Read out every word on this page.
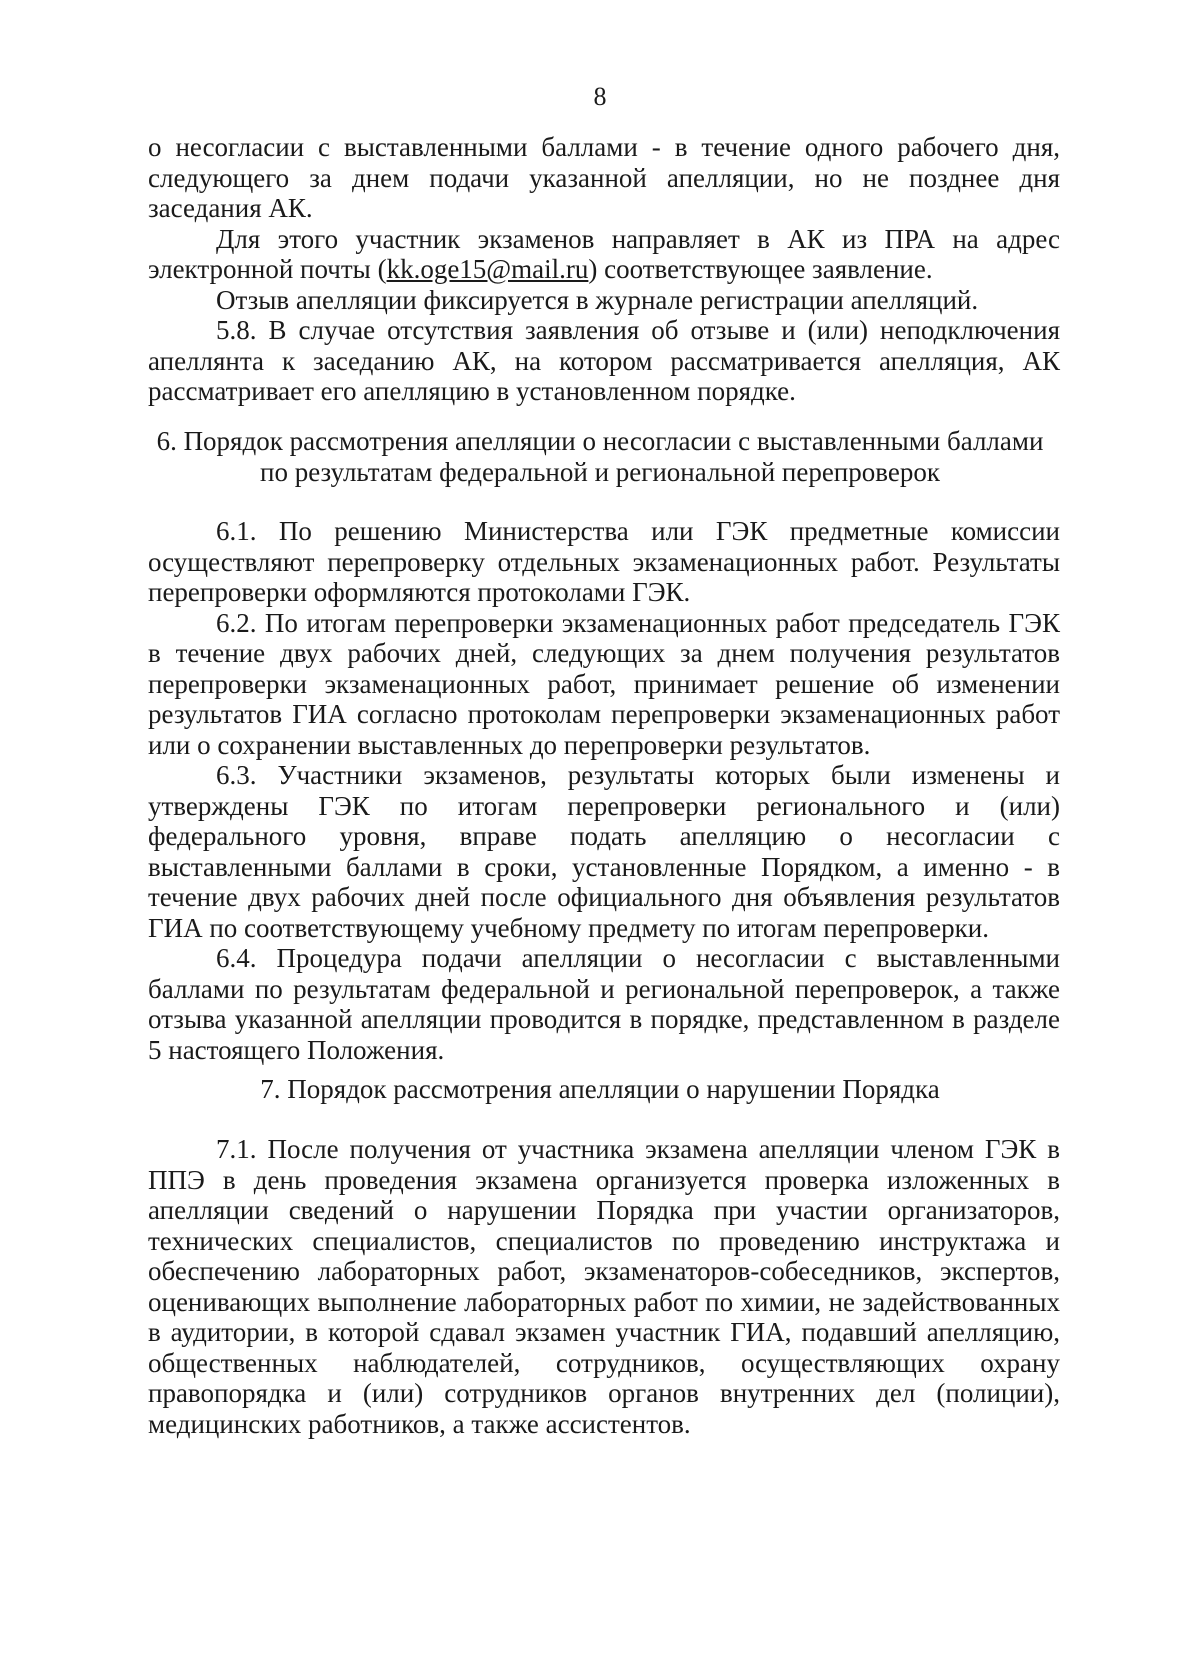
8

о несогласии с выставленными баллами - в течение одного рабочего дня, следующего за днем подачи указанной апелляции, но не позднее дня заседания АК.

Для этого участник экзаменов направляет в АК из ПРА на адрес электронной почты (kk.oge15@mail.ru) соответствующее заявление.

Отзыв апелляции фиксируется в журнале регистрации апелляций.

5.8. В случае отсутствия заявления об отзыве и (или) неподключения апеллянта к заседанию АК, на котором рассматривается апелляция, АК рассматривает его апелляцию в установленном порядке.

6. Порядок рассмотрения апелляции о несогласии с выставленными баллами

по результатам федеральной и региональной перепроверок

6.1. По решению Министерства или ГЭК предметные комиссии осуществляют перепроверку отдельных экзаменационных работ. Результаты перепроверки оформляются протоколами ГЭК.

6.2. По итогам перепроверки экзаменационных работ председатель ГЭК в течение двух рабочих дней, следующих за днем получения результатов перепроверки экзаменационных работ, принимает решение об изменении результатов ГИА согласно протоколам перепроверки экзаменационных работ или о сохранении выставленных до перепроверки результатов.

6.3. Участники экзаменов, результаты которых были изменены и утверждены ГЭК по итогам перепроверки регионального и (или) федерального уровня, вправе подать апелляцию о несогласии с выставленными баллами в сроки, установленные Порядком, а именно - в течение двух рабочих дней после официального дня объявления результатов ГИА по соответствующему учебному предмету по итогам перепроверки.

6.4. Процедура подачи апелляции о несогласии с выставленными баллами по результатам федеральной и региональной перепроверок, а также отзыва указанной апелляции проводится в порядке, представленном в разделе 5 настоящего Положения.

7. Порядок рассмотрения апелляции о нарушении Порядка

7.1. После получения от участника экзамена апелляции членом ГЭК в ППЭ в день проведения экзамена организуется проверка изложенных в апелляции сведений о нарушении Порядка при участии организаторов, технических специалистов, специалистов по проведению инструктажа и обеспечению лабораторных работ, экзаменаторов-собеседников, экспертов, оценивающих выполнение лабораторных работ по химии, не задействованных в аудитории, в которой сдавал экзамен участник ГИА, подавший апелляцию, общественных наблюдателей, сотрудников, осуществляющих охрану правопорядка и (или) сотрудников органов внутренних дел (полиции), медицинских работников, а также ассистентов.
